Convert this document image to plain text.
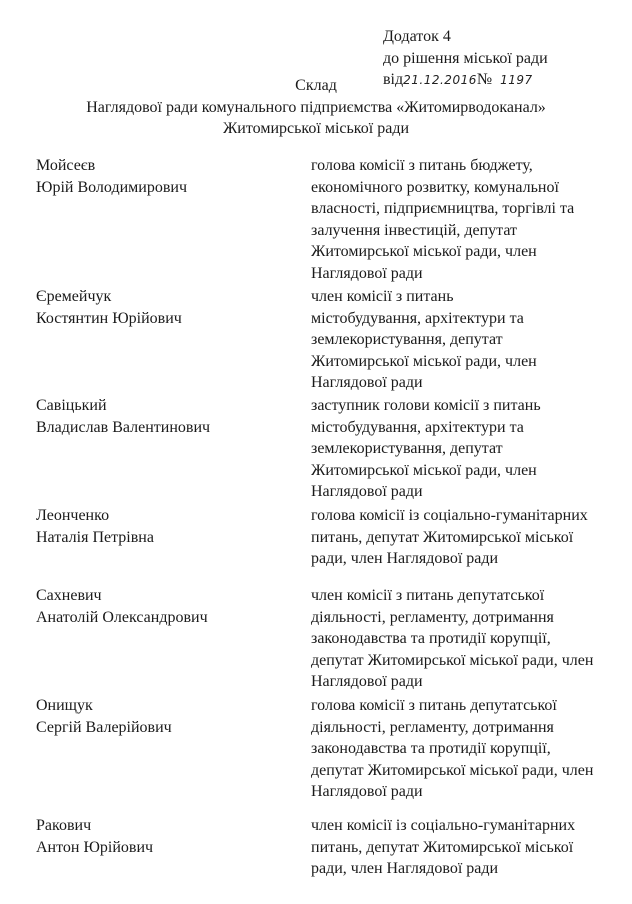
Додаток 4
до рішення міської ради
від21.12.2016№ 1197
Склад
Наглядової ради комунального підприємства «Житомирводоканал»
Житомирської міської ради
Мойсеєв
Юрій Володимирович
голова комісії з питань бюджету,
економічного розвитку, комунальної
власності, підприємництва, торгівлі та
залучення інвестицій, депутат
Житомирської міської ради, член
Наглядової ради
Єремейчук
Костянтин Юрійович
член комісії з питань
містобудування, архітектури та
землекористування, депутат
Житомирської міської ради, член
Наглядової ради
Савіцький
Владислав Валентинович
заступник голови комісії з питань
містобудування, архітектури та
землекористування, депутат
Житомирської міської ради, член
Наглядової ради
Леонченко
Наталія Петрівна
голова комісії із соціально-гуманітарних
питань, депутат Житомирської міської
ради, член Наглядової ради
Сахневич
Анатолій Олександрович
член комісії з питань депутатської
діяльності, регламенту, дотримання
законодавства та протидії корупції,
депутат Житомирської міської ради, член
Наглядової ради
Онищук
Сергій Валерійович
голова комісії з питань депутатської
діяльності, регламенту, дотримання
законодавства та протидії корупції,
депутат Житомирської міської ради, член
Наглядової ради
Ракович
Антон Юрійович
член комісії із соціально-гуманітарних
питань, депутат Житомирської міської
ради, член Наглядової ради
